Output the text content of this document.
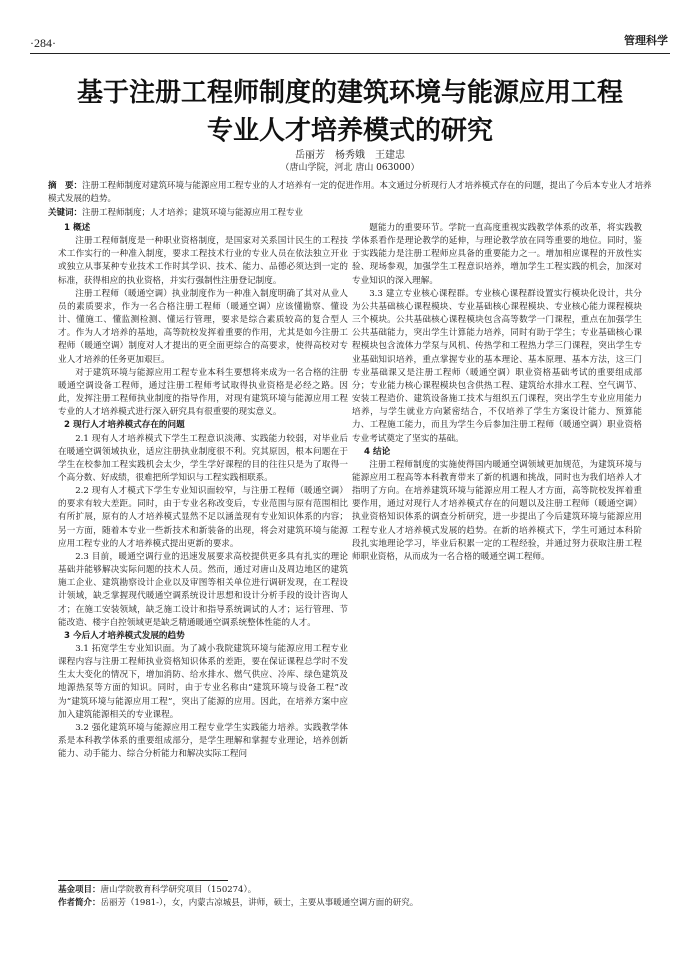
·284·	管理科学
基于注册工程师制度的建筑环境与能源应用工程
专业人才培养模式的研究
岳丽芳　杨秀娥　王建忠
（唐山学院，河北 唐山 063000）
摘　要：注册工程师制度对建筑环境与能源应用工程专业的人才培养有一定的促进作用。本文通过分析现行人才培养模式存在的问题，提出了今后本专业人才培养模式发展的趋势。
关键词：注册工程师制度；人才培养；建筑环境与能源应用工程专业
1 概述

注册工程师制度是一种职业资格制度，是国家对关系国计民生的工程技术工作实行的一种准入制度，要求工程技术行业的专业人员在依法独立开业或独立从事某种专业技术工作时其学识、技术、能力、品德必须达到一定的标准，获得相应的执业资格，并实行强制性注册登记制度。

注册工程师（暖通空调）执业制度作为一种准入制度明确了其对从业人员的素质要求，作为一名合格注册工程师（暖通空调）应该懂勘察、懂设计、懂施工、懂监测检测、懂运行管理，要求是综合素质较高的复合型人才。作为人才培养的基地，高等院校发挥着重要的作用，尤其是如今注册工程师（暖通空调）制度对人才提出的更全面更综合的高要求，使得高校对专业人才培养的任务更加艰巨。

对于建筑环境与能源应用工程专业本科生要想将来成为一名合格的注册暖通空调设备工程师，通过注册工程师考试取得执业资格是必经之路。因此，发挥注册工程师执业制度的指导作用，对现有建筑环境与能源应用工程专业的人才培养模式进行深入研究具有很重要的现实意义。

2 现行人才培养模式存在的问题

2.1 现有人才培养模式下学生工程意识淡薄、实践能力较弱，对毕业后在暖通空调领域执业，适应注册执业制度很不利。究其原因，根本问题在于学生在校参加工程实践机会太少，学生学好课程的目的往往只是为了取得一个高分数、好成绩，很难把所学知识与工程实践相联系。

2.2 现有人才模式下学生专业知识面较窄，与注册工程师（暖通空调）的要求有较大差距。同时，由于专业名称改变后，专业范围与原有范围相比有所扩展，原有的人才培养模式显然不足以涵盖现有专业知识体系的内容；另一方面，随着本专业一些新技术和新装备的出现，将会对建筑环境与能源应用工程专业的人才培养模式提出更新的要求。

2.3 目前，暖通空调行业的迅速发展要求高校提供更多具有扎实的理论基础并能够解决实际问题的技术人员。然而，通过对唐山及周边地区的建筑施工企业、建筑勘察设计企业以及审图等相关单位进行调研发现，在工程设计领域，缺乏掌握现代暖通空调系统设计思想和设计分析手段的设计咨询人才；在施工安装领域，缺乏施工设计和指导系统调试的人才；运行管理、节能改造、楼宇自控领域更是缺乏精通暖通空调系统整体性能的人才。

3 今后人才培养模式发展的趋势

3.1 拓宽学生专业知识面。为了减小我院建筑环境与能源应用工程专业课程内容与注册工程师执业资格知识体系的差距，要在保证课程总学时不发生太大变化的情况下，增加消防、给水排水、燃气供应、冷库、绿色建筑及地源热泵等方面的知识。同时，由于专业名称由“建筑环境与设备工程”改为“建筑环境与能源应用工程”，突出了能源的应用。因此，在培养方案中应加入建筑能源相关的专业课程。

3.2 强化建筑环境与能源应用工程专业学生实践能力培养。实践教学体系是本科教学体系的重要组成部分，是学生理解和掌握专业理论，培养创新能力、动手能力、综合分析能力和解决实际工程问

题能力的重要环节。学院一直高度重视实践教学体系的改革，将实践教学体系看作是理论教学的延伸，与理论教学放在同等重要的地位。同时，鉴于实践能力是注册工程师应具备的重要能力之一。增加相应课程的开放性实验、现场参观，加强学生工程意识培养，增加学生工程实践的机会，加深对专业知识的深入理解。

3.3 建立专业核心课程群。专业核心课程群设置实行模块化设计，共分为公共基础核心课程模块、专业基础核心课程模块、专业核心能力课程模块三个模块。公共基础核心课程模块包含高等数学一门课程，重点在加强学生公共基础能力，突出学生计算能力培养，同时有助于学生；专业基础核心课程模块包含流体力学泵与风机、传热学和工程热力学三门课程，突出学生专业基础知识培养，重点掌握专业的基本理论、基本原理、基本方法，这三门专业基础课又是注册工程师（暖通空调）职业资格基础考试的重要组成部分；专业能力核心课程模块包含供热工程、建筑给水排水工程、空气调节、安装工程造价、建筑设备施工技术与组织五门课程，突出学生专业应用能力培养，与学生就业方向紧密结合，不仅培养了学生方案设计能力、预算能力、工程施工能力，而且为学生今后参加注册工程师（暖通空调）职业资格专业考试奠定了坚实的基础。

4 结论

注册工程师制度的实施使得国内暖通空调领域更加规范，为建筑环境与能源应用工程高等本科教育带来了新的机遇和挑战，同时也为我们培养人才指明了方向。在培养建筑环境与能源应用工程人才方面，高等院校发挥着重要作用，通过对现行人才培养模式存在的问题以及注册工程师（暖通空调）执业资格知识体系的调查分析研究，进一步提出了今后建筑环境与能源应用工程专业人才培养模式发展的趋势。在新的培养模式下，学生可通过本科阶段扎实地理论学习，毕业后积累一定的工程经验，并通过努力获取注册工程师职业资格，从而成为一名合格的暖通空调工程师。

基金项目：唐山学院教育科学研究项目（150274）。
作者简介：岳丽芳（1981-），女，内蒙古凉城县，讲师，硕士，主要从事暖通空调方面的研究。
